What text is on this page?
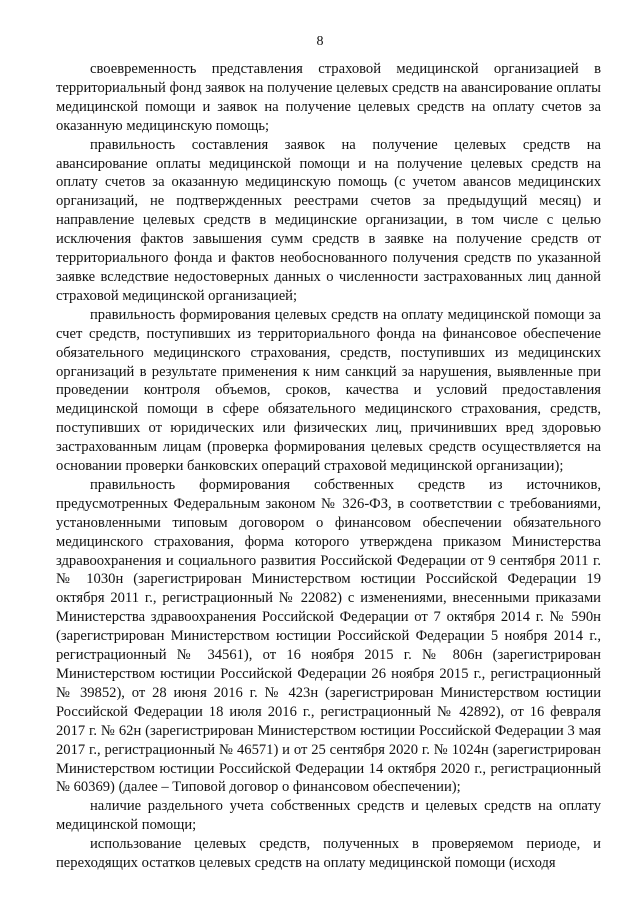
8

своевременность представления страховой медицинской организацией в территориальный фонд заявок на получение целевых средств на авансирование оплаты медицинской помощи и заявок на получение целевых средств на оплату счетов за оказанную медицинскую помощь;

правильность составления заявок на получение целевых средств на авансирование оплаты медицинской помощи и на получение целевых средств на оплату счетов за оказанную медицинскую помощь (с учетом авансов медицинских организаций, не подтвержденных реестрами счетов за предыдущий месяц) и направление целевых средств в медицинские организации, в том числе с целью исключения фактов завышения сумм средств в заявке на получение средств от территориального фонда и фактов необоснованного получения средств по указанной заявке вследствие недостоверных данных о численности застрахованных лиц данной страховой медицинской организацией;

правильность формирования целевых средств на оплату медицинской помощи за счет средств, поступивших из территориального фонда на финансовое обеспечение обязательного медицинского страхования, средств, поступивших из медицинских организаций в результате применения к ним санкций за нарушения, выявленные при проведении контроля объемов, сроков, качества и условий предоставления медицинской помощи в сфере обязательного медицинского страхования, средств, поступивших от юридических или физических лиц, причинивших вред здоровью застрахованным лицам (проверка формирования целевых средств осуществляется на основании проверки банковских операций страховой медицинской организации);

правильность формирования собственных средств из источников, предусмотренных Федеральным законом № 326-ФЗ, в соответствии с требованиями, установленными типовым договором о финансовом обеспечении обязательного медицинского страхования, форма которого утверждена приказом Министерства здравоохранения и социального развития Российской Федерации от 9 сентября 2011 г. № 1030н (зарегистрирован Министерством юстиции Российской Федерации 19 октября 2011 г., регистрационный № 22082) с изменениями, внесенными приказами Министерства здравоохранения Российской Федерации от 7 октября 2014 г. № 590н (зарегистрирован Министерством юстиции Российской Федерации 5 ноября 2014 г., регистрационный № 34561), от 16 ноября 2015 г. № 806н (зарегистрирован Министерством юстиции Российской Федерации 26 ноября 2015 г., регистрационный № 39852), от 28 июня 2016 г. № 423н (зарегистрирован Министерством юстиции Российской Федерации 18 июля 2016 г., регистрационный № 42892), от 16 февраля 2017 г. № 62н (зарегистрирован Министерством юстиции Российской Федерации 3 мая 2017 г., регистрационный № 46571) и от 25 сентября 2020 г. № 1024н (зарегистрирован Министерством юстиции Российской Федерации 14 октября 2020 г., регистрационный № 60369) (далее – Типовой договор о финансовом обеспечении);

наличие раздельного учета собственных средств и целевых средств на оплату медицинской помощи;

использование целевых средств, полученных в проверяемом периоде, и переходящих остатков целевых средств на оплату медицинской помощи (исходя
